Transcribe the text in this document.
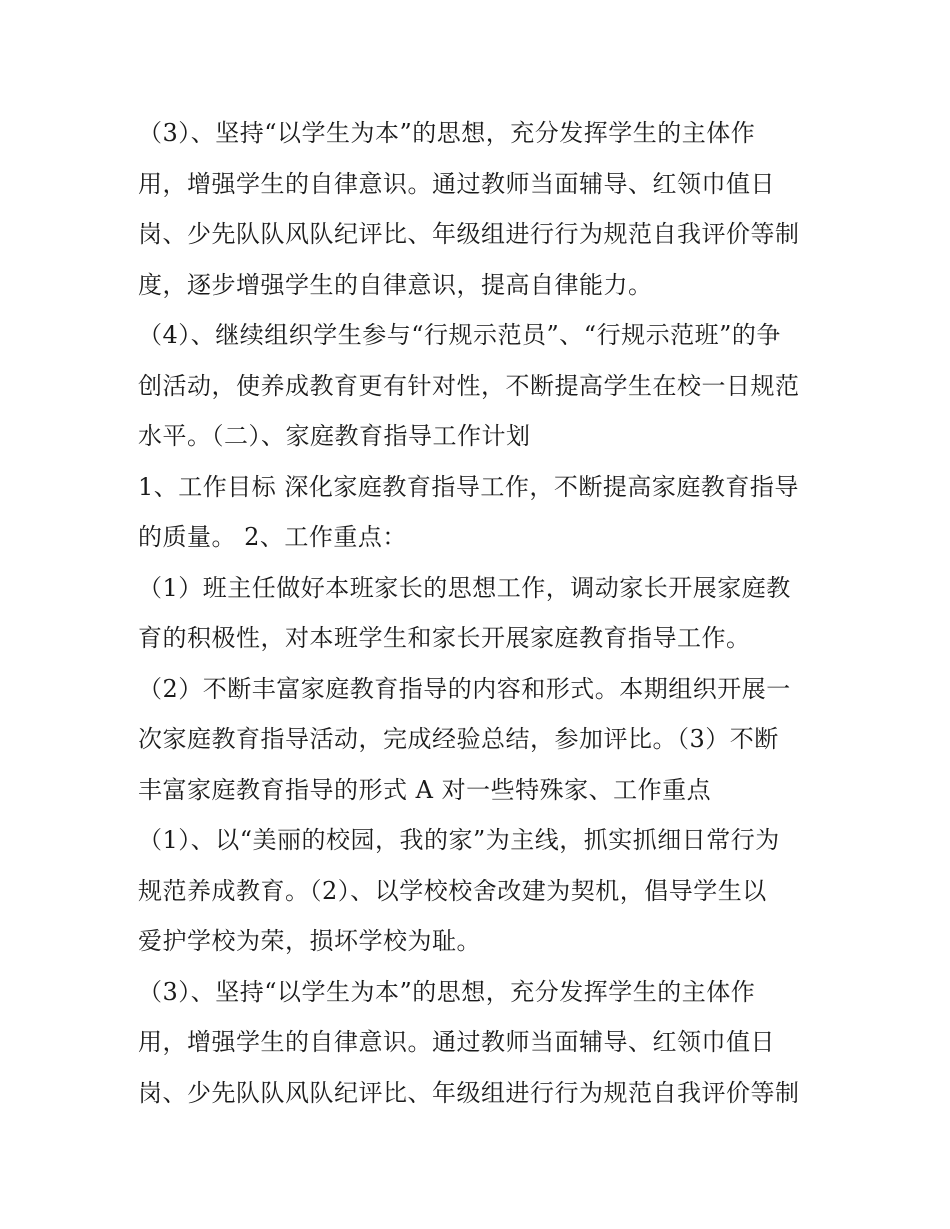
（3）、坚持“以学生为本”的思想，充分发挥学生的主体作

用，增强学生的自律意识。通过教师当面辅导、红领巾值日

岗、少先队队风队纪评比、年级组进行行为规范自我评价等制

度，逐步增强学生的自律意识，提高自律能力。

（4）、继续组织学生参与“行规示范员”、“行规示范班”的争

创活动，使养成教育更有针对性，不断提高学生在校一日规范

水平。（二）、家庭教育指导工作计划

1、工作目标 深化家庭教育指导工作，不断提高家庭教育指导

的质量。 2、工作重点：

（1）班主任做好本班家长的思想工作，调动家长开展家庭教

育的积极性，对本班学生和家长开展家庭教育指导工作。

（2）不断丰富家庭教育指导的内容和形式。本期组织开展一

次家庭教育指导活动，完成经验总结，参加评比。（3）不断

丰富家庭教育指导的形式 A 对一些特殊家、工作重点

（1）、以“美丽的校园，我的家”为主线，抓实抓细日常行为

规范养成教育。（2）、以学校校舍改建为契机，倡导学生以

爱护学校为荣，损坏学校为耻。

（3）、坚持“以学生为本”的思想，充分发挥学生的主体作

用，增强学生的自律意识。通过教师当面辅导、红领巾值日

岗、少先队队风队纪评比、年级组进行行为规范自我评价等制
